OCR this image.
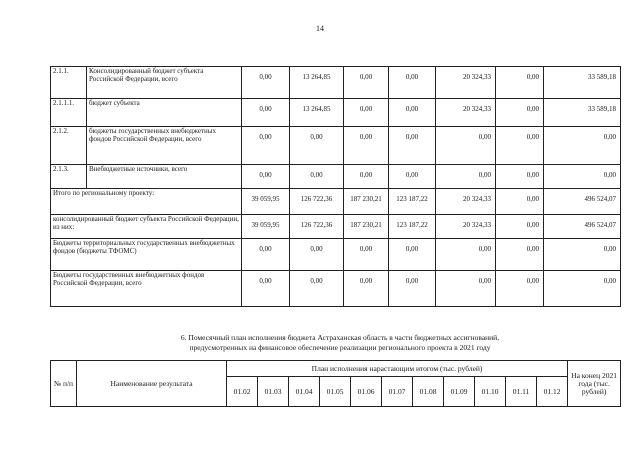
14
2.1.1.	Консолидированный бюджет субъекта Российской Федерации, всего	0,00	13 264,85	0,00	0,00	20 324,33	0,00	33 589,18
2.1.1.1.	бюджет субъекта	0,00	13 264,85	0,00	0,00	20 324,33	0,00	33 589,18
2.1.2.	бюджеты государственных внебюджетных фондов Российской Федерации, всего	0,00	0,00	0,00	0,00	0,00	0,00	0,00
2.1.3.	Внебюджетные источники, всего	0,00	0,00	0,00	0,00	0,00	0,00	0,00
Итого по региональному проекту:		39 059,95	126 722,36	187 230,21	123 187,22	20 324,33	0,00	496 524,07
консолидированный бюджет субъекта Российской Федерации, из них:		39 059,95	126 722,36	187 230,21	123 187,22	20 324,33	0,00	496 524,07
Бюджеты территориальных государственных внебюджетных фондов (бюджеты ТФОМС)		0,00	0,00	0,00	0,00	0,00	0,00	0,00
Бюджеты государственных внебюджетных фондов Российской Федерации, всего		0,00	0,00	0,00	0,00	0,00	0,00	0,00
6. Помесячный план исполнения бюджета Астраханская область в части бюджетных ассигнований,
предусмотренных на финансовое обеспечение реализации регионального проекта в 2021 году
№ п/п	Наименование результата	План исполнения нарастающим итогом (тыс. рублей)											На конец 2021 года (тыс. рублей)
		01.02	01.03	01.04	01.05	01.06	01.07	01.08	01.09	01.10	01.11	01.12	
